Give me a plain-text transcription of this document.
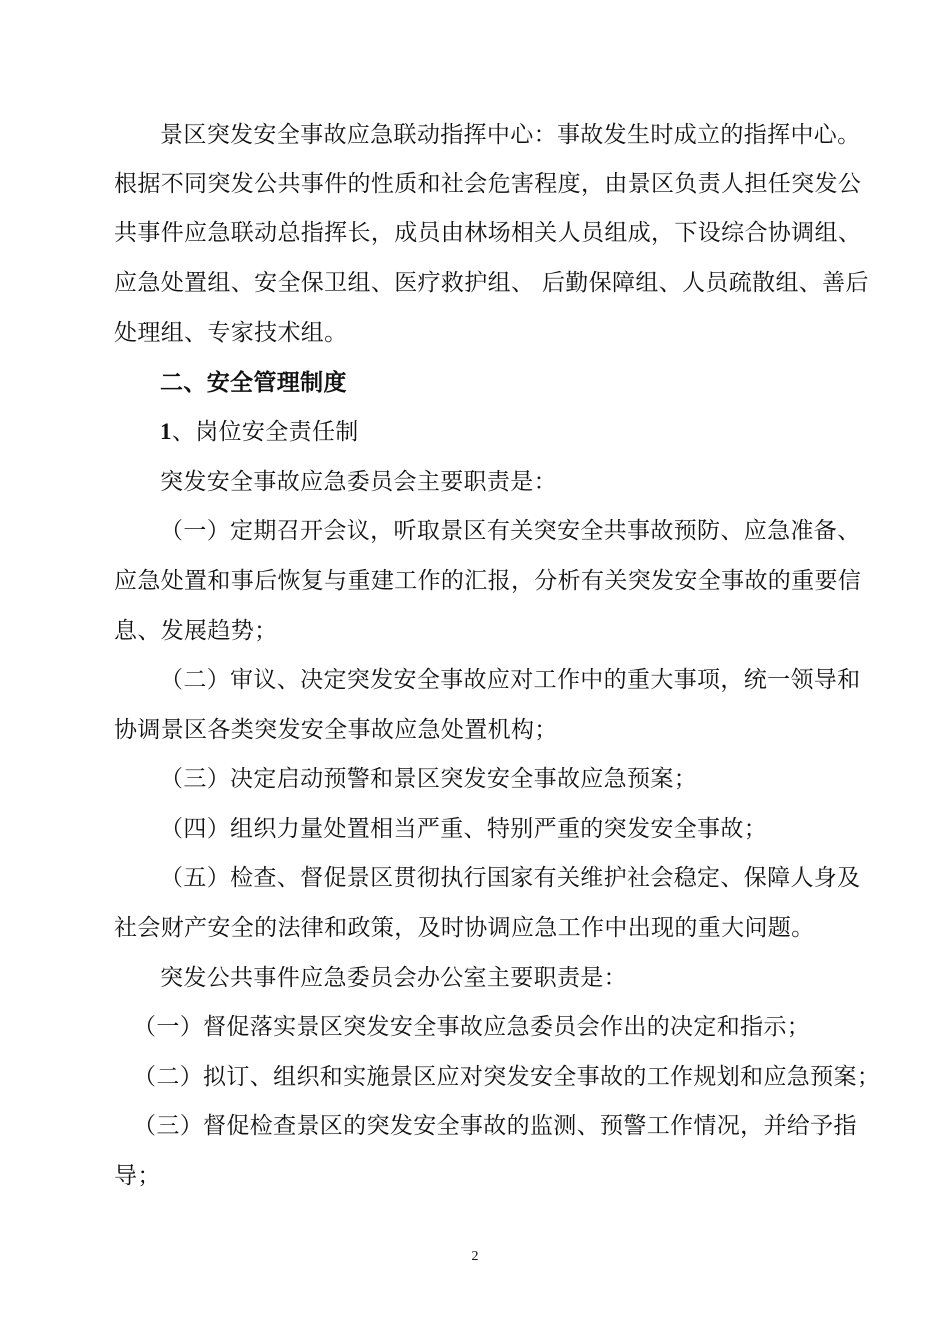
景区突发安全事故应急联动指挥中心：事故发生时成立的指挥中心。
根据不同突发公共事件的性质和社会危害程度，由景区负责人担任突发公
共事件应急联动总指挥长，成员由林场相关人员组成，下设综合协调组、
应急处置组、安全保卫组、医疗救护组、 后勤保障组、人员疏散组、善后
处理组、专家技术组。
二、安全管理制度
1、岗位安全责任制
突发安全事故应急委员会主要职责是：
（一）定期召开会议，听取景区有关突安全共事故预防、应急准备、
应急处置和事后恢复与重建工作的汇报，分析有关突发安全事故的重要信
息、发展趋势；
（二）审议、决定突发安全事故应对工作中的重大事项，统一领导和
协调景区各类突发安全事故应急处置机构；
（三）决定启动预警和景区突发安全事故应急预案；
（四）组织力量处置相当严重、特别严重的突发安全事故；
（五）检查、督促景区贯彻执行国家有关维护社会稳定、保障人身及
社会财产安全的法律和政策，及时协调应急工作中出现的重大问题。
突发公共事件应急委员会办公室主要职责是：
（一）督促落实景区突发安全事故应急委员会作出的决定和指示；
（二）拟订、组织和实施景区应对突发安全事故的工作规划和应急预案；
（三）督促检查景区的突发安全事故的监测、预警工作情况，并给予指
导；
2
